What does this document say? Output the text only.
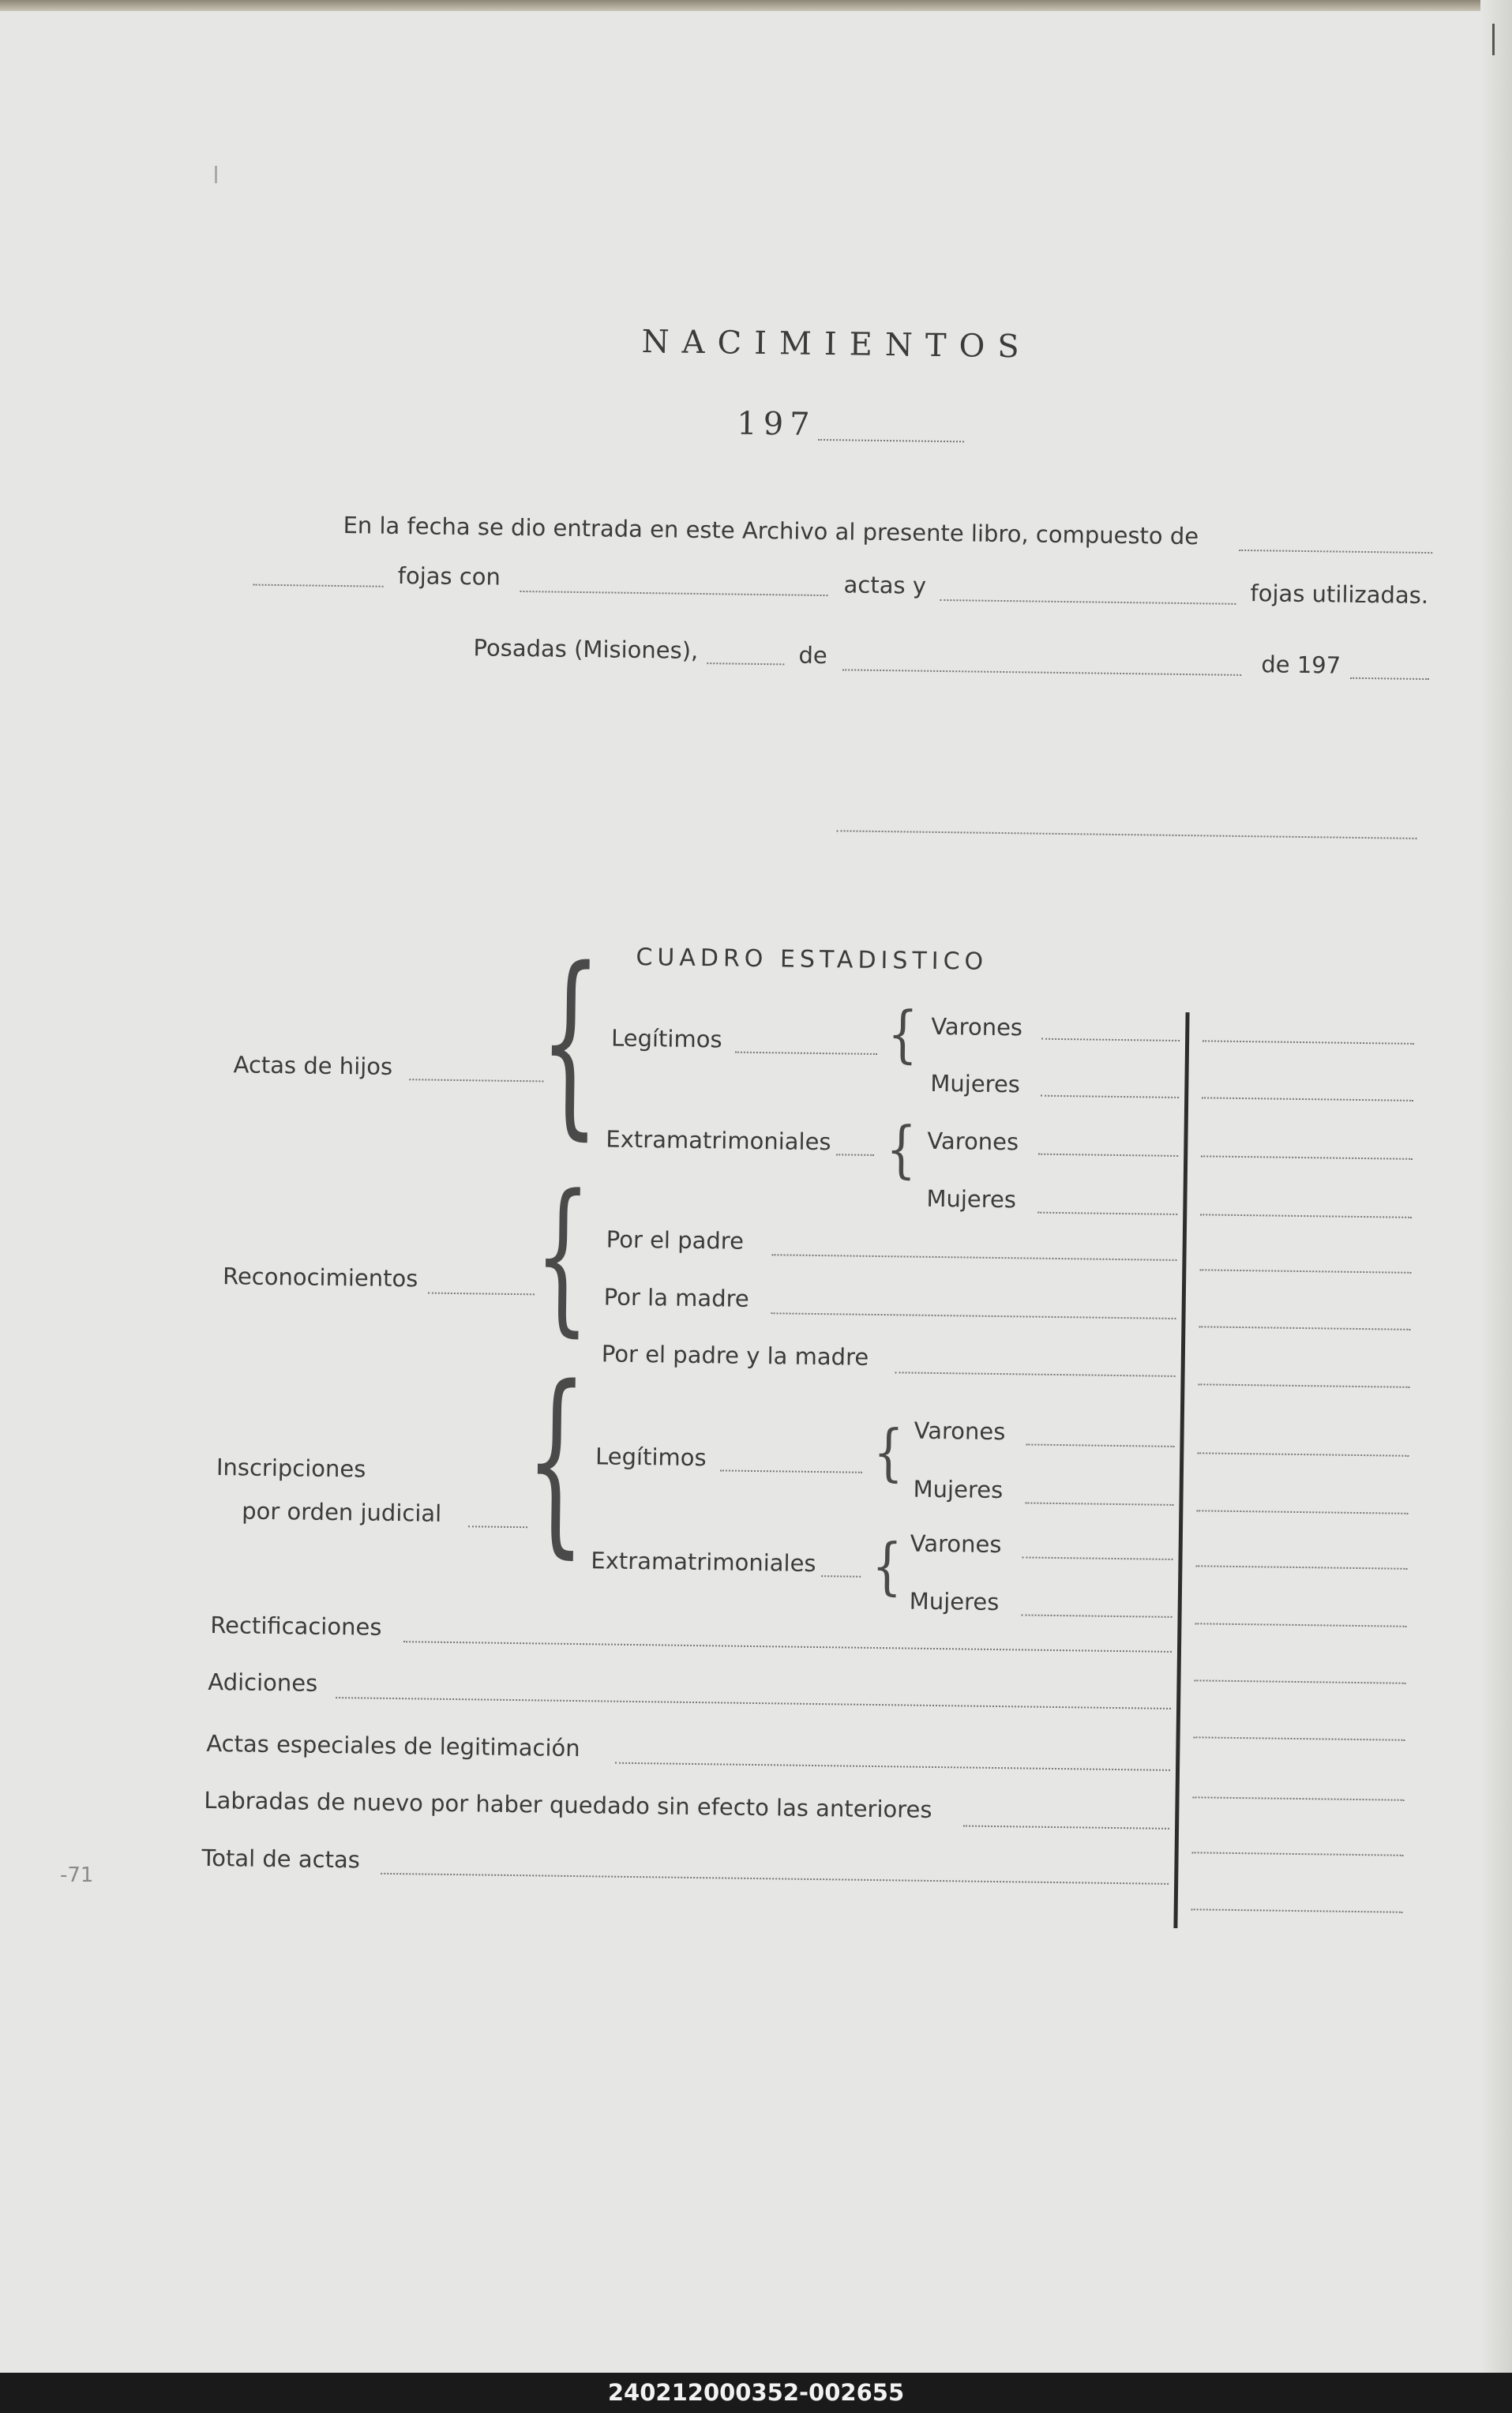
-71
NACIMIENTOS
197
En la fecha se dio entrada en este Archivo al presente libro, compuesto de
fojas con	actas y	fojas utilizadas.
Posadas (Misiones),	de	de 197
CUADRO ESTADISTICO
Actas de hijos { Legítimos	{ Varones
Mujeres
Extramatrimoniales { Varones
Mujeres
Reconocimientos { Por el padre
Por la madre
Por el padre y la madre
Inscripciones
por orden judicial { Legítimos	{ Varones
Mujeres
Extramatrimoniales { Varones
Mujeres
Rectificaciones
Adiciones
Actas especiales de legitimación
Labradas de nuevo por haber quedado sin efecto las anteriores
Total de actas
240212000352-002655
